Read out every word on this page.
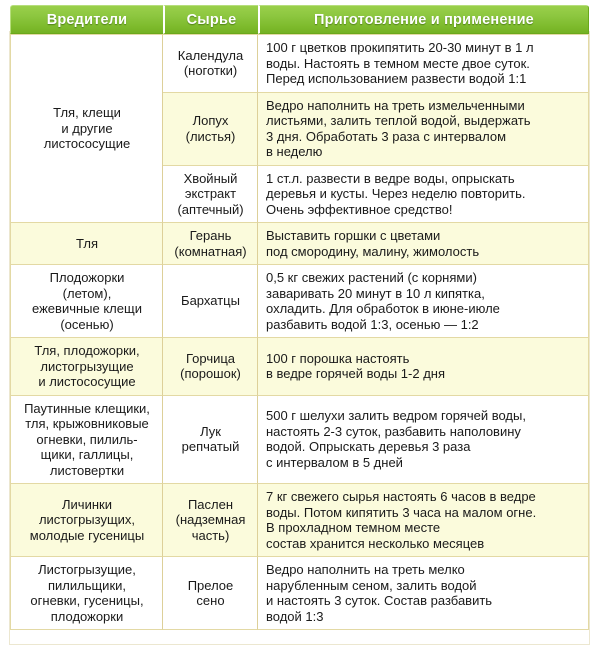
Вредители	Сырье	Приготовление и применение

Тля, клещи
и другие
листососущие	Календула
(ноготки)	100 г цветков прокипятить 20-30 минут в 1 л
воды. Настоять в темном месте двое суток.
Перед использованием развести водой 1:1

	Лопух
(листья)	Ведро наполнить на треть измельченными
листьями, залить теплой водой, выдержать
3 дня. Обработать 3 раза с интервалом
в неделю

	Хвойный
экстракт
(аптечный)	1 ст.л. развести в ведре воды, опрыскать
деревья и кусты. Через неделю повторить.
Очень эффективное средство!

Тля	Герань
(комнатная)	Выставить горшки с цветами
под смородину, малину, жимолость

Плодожорки
(летом),
ежевичные клещи
(осенью)	Бархатцы	0,5 кг свежих растений (с корнями)
заваривать 20 минут в 10 л кипятка,
охладить. Для обработок в июне-июле
разбавить водой 1:3, осенью — 1:2

Тля, плодожорки,
листогрызущие
и листососущие	Горчица
(порошок)	100 г порошка настоять
в ведре горячей воды 1-2 дня

Паутинные клещики,
тля, крыжовниковые
огневки, пилиль-
щики, галлицы,
листовертки	Лук
репчатый	500 г шелухи залить ведром горячей воды,
настоять 2-3 суток, разбавить наполовину
водой. Опрыскать деревья 3 раза
с интервалом в 5 дней

Личинки
листогрызущих,
молодые гусеницы	Паслен
(надземная
часть)	7 кг свежего сырья настоять 6 часов в ведре
воды. Потом кипятить 3 часа на малом огне.
В прохладном темном месте
состав хранится несколько месяцев

Листогрызущие,
пилильщики,
огневки, гусеницы,
плодожорки	Прелое
сено	Ведро наполнить на треть мелко
нарубленным сеном, залить водой
и настоять 3 суток. Состав разбавить
водой 1:3
